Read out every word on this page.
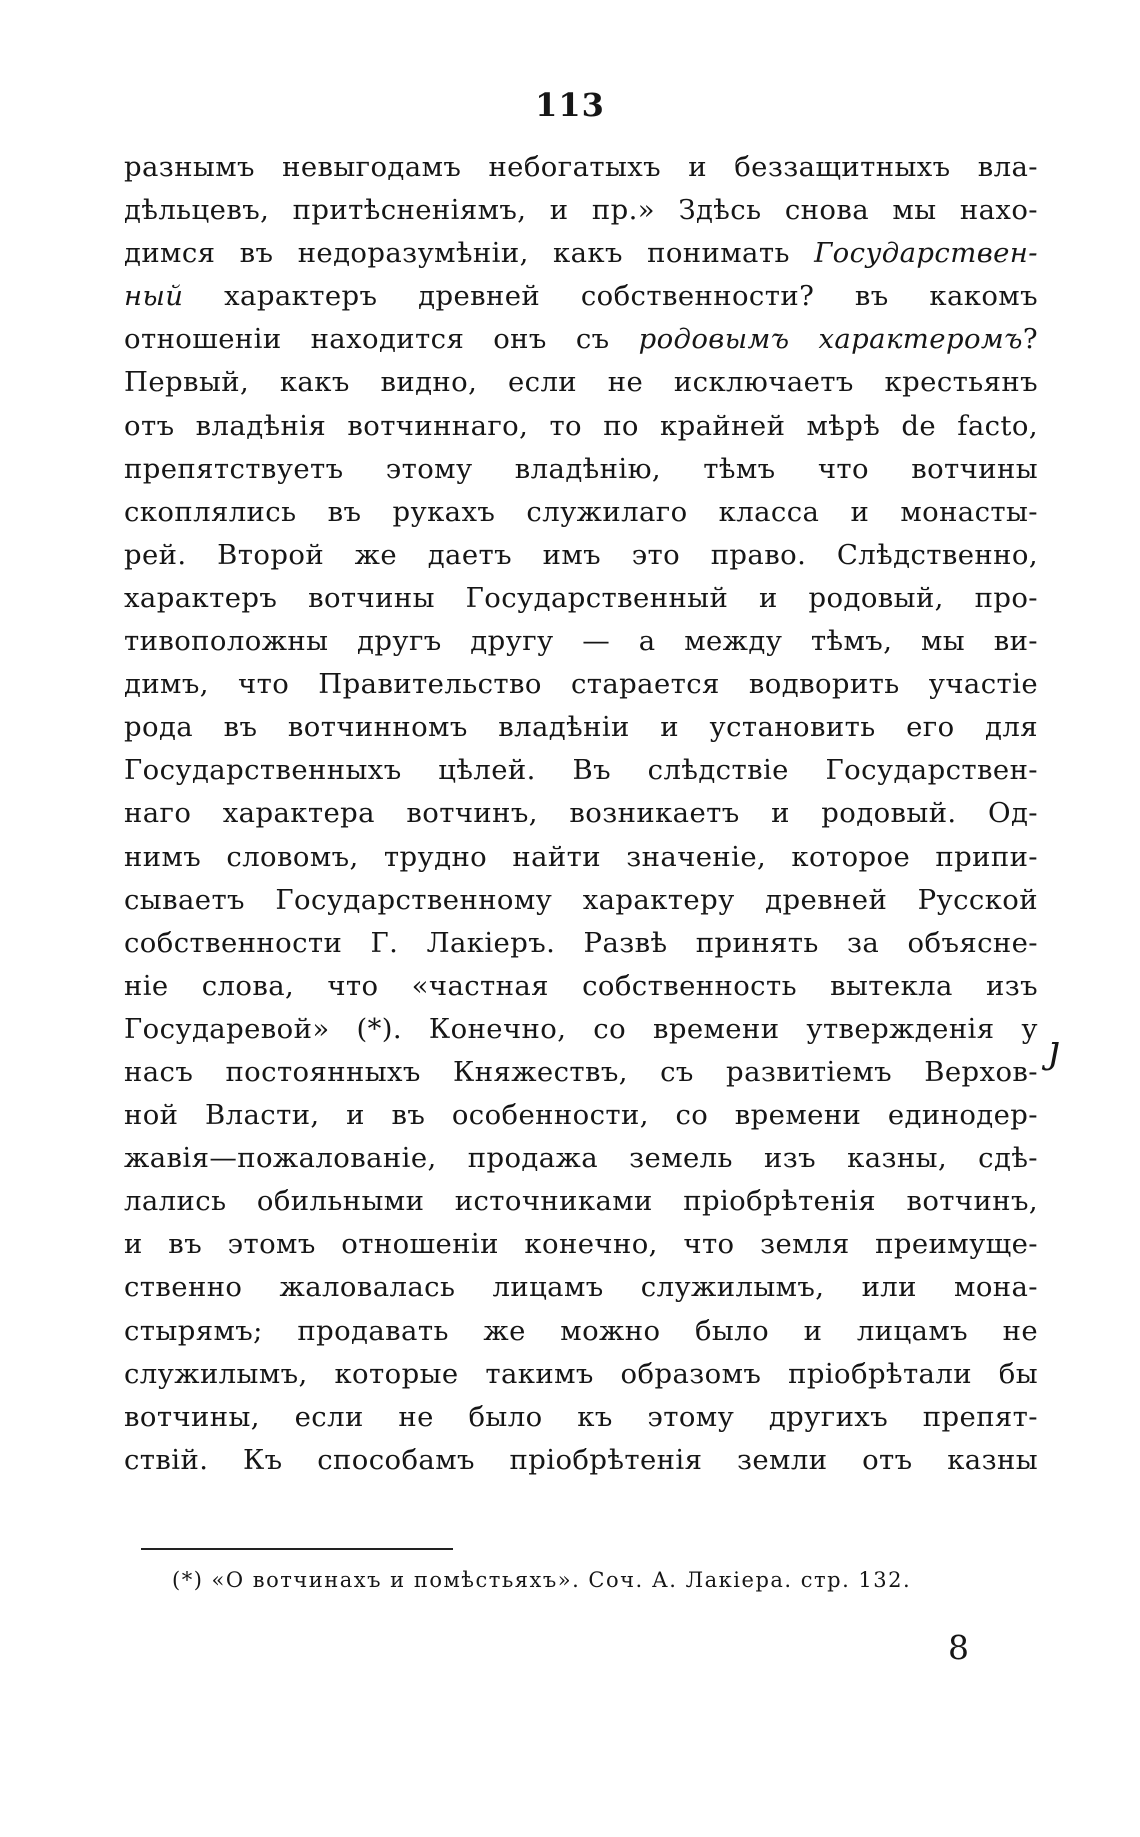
113
разнымъ невыгодамъ небогатыхъ и беззащитныхъ вла-
дѣльцевъ, притѣсненіямъ, и пр.» Здѣсь снова мы нахо-
димся въ недоразумѣніи, какъ понимать Государствен-
ный характеръ древней собственности? въ какомъ
отношеніи находится онъ съ родовымъ характеромъ?
Первый, какъ видно, если не исключаетъ крестьянъ
отъ владѣнія вотчиннаго, то по крайней мѣрѣ de facto,
препятствуетъ этому владѣнію, тѣмъ что вотчины
скоплялись въ рукахъ служилаго класса и монасты-
рей. Второй же даетъ имъ это право. Слѣдственно,
характеръ вотчины Государственный и родовый, про-
тивоположны другъ другу — а между тѣмъ, мы ви-
димъ, что Правительство старается водворить участіе
рода въ вотчинномъ владѣніи и установить его для
Государственныхъ цѣлей. Въ слѣдствіе Государствен-
наго характера вотчинъ, возникаетъ и родовый. Од-
нимъ словомъ, трудно найти значеніе, которое припи-
сываетъ Государственному характеру древней Русской
собственности Г. Лакіеръ. Развѣ принять за объясне-
ніе слова, что «частная собственность вытекла изъ
Государевой» (*). Конечно, со времени утвержденія у
насъ постоянныхъ Княжествъ, съ развитіемъ Верхов-
ной Власти, и въ особенности, со времени единодер-
жавія—пожалованіе, продажа земель изъ казны, сдѣ-
лались обильными источниками пріобрѣтенія вотчинъ,
и въ этомъ отношеніи конечно, что земля преимуще-
ственно жаловалась лицамъ служилымъ, или мона-
стырямъ; продавать же можно было и лицамъ не
служилымъ, которые такимъ образомъ пріобрѣтали бы
вотчины, если не было къ этому другихъ препят-
ствій. Къ способамъ пріобрѣтенія земли отъ казны
ȷ
(*) «О вотчинахъ и помѣстьяхъ». Соч. А. Лакіера. стр. 132.
8
